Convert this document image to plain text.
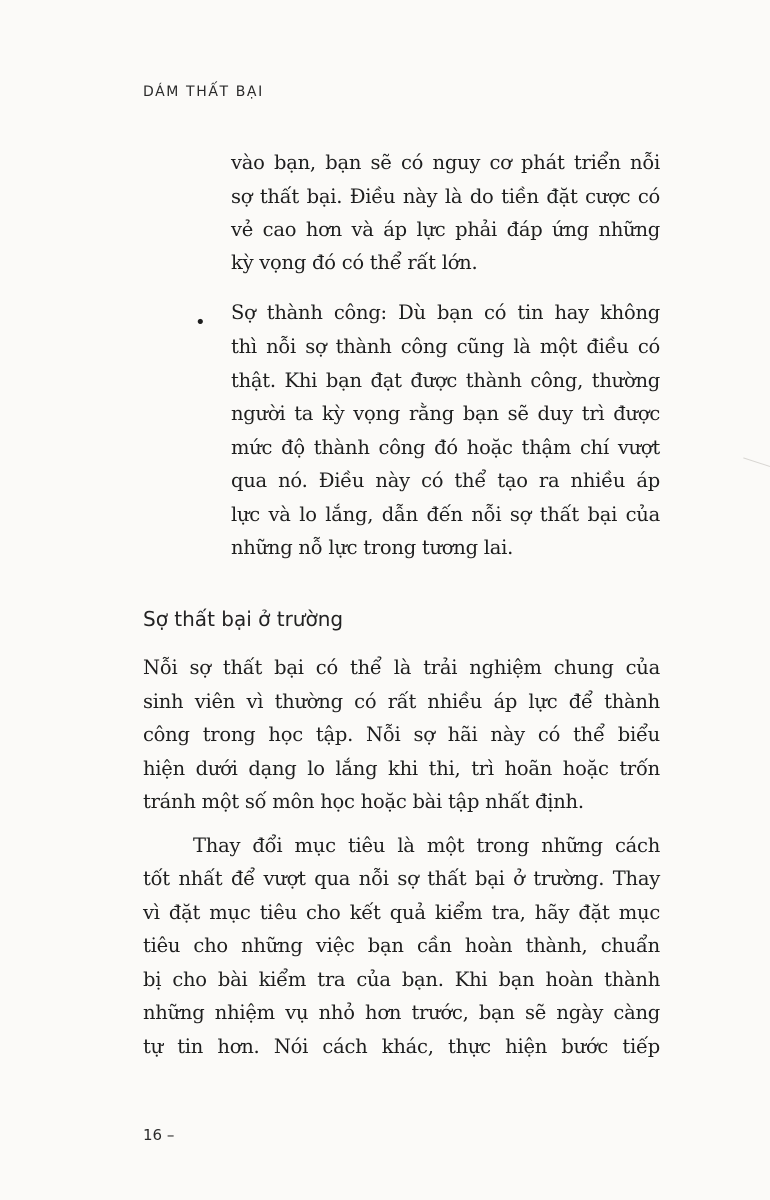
DÁM THẤT BẠI
vào bạn, bạn sẽ có nguy cơ phát triển nỗi
sợ thất bại. Điều này là do tiền đặt cược có
vẻ cao hơn và áp lực phải đáp ứng những
kỳ vọng đó có thể rất lớn.
• Sợ thành công: Dù bạn có tin hay không
thì nỗi sợ thành công cũng là một điều có
thật. Khi bạn đạt được thành công, thường
người ta kỳ vọng rằng bạn sẽ duy trì được
mức độ thành công đó hoặc thậm chí vượt
qua nó. Điều này có thể tạo ra nhiều áp
lực và lo lắng, dẫn đến nỗi sợ thất bại của
những nỗ lực trong tương lai.
Sợ thất bại ở trường
Nỗi sợ thất bại có thể là trải nghiệm chung của
sinh viên vì thường có rất nhiều áp lực để thành
công trong học tập. Nỗi sợ hãi này có thể biểu
hiện dưới dạng lo lắng khi thi, trì hoãn hoặc trốn
tránh một số môn học hoặc bài tập nhất định.
Thay đổi mục tiêu là một trong những cách
tốt nhất để vượt qua nỗi sợ thất bại ở trường. Thay
vì đặt mục tiêu cho kết quả kiểm tra, hãy đặt mục
tiêu cho những việc bạn cần hoàn thành, chuẩn
bị cho bài kiểm tra của bạn. Khi bạn hoàn thành
những nhiệm vụ nhỏ hơn trước, bạn sẽ ngày càng
tự tin hơn. Nói cách khác, thực hiện bước tiếp
16 –
